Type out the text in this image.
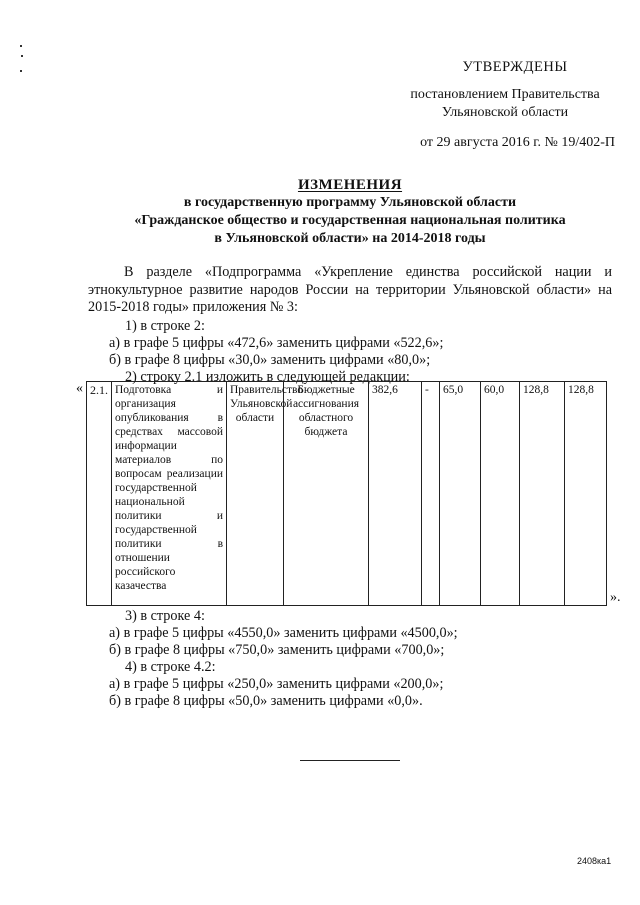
УТВЕРЖДЕНЫ
постановлением Правительства
Ульяновской области
от 29 августа 2016 г. № 19/402-П
ИЗМЕНЕНИЯ
в государственную программу Ульяновской области
«Гражданское общество и государственная национальная политика
в Ульяновской области» на 2014-2018 годы
В разделе «Подпрограмма «Укрепление единства российской нации и этнокультурное развитие народов России на территории Ульяновской области» на 2015-2018 годы» приложения № 3:
1) в строке 2:
а) в графе 5 цифры «472,6» заменить цифрами «522,6»;
б) в графе 8 цифры «30,0» заменить цифрами «80,0»;
2) строку 2.1 изложить в следующей редакции:
« 2.1.	Подготовка и организация опубликования в средствах массовой информации материалов по вопросам реализации государственной национальной политики и государственной политики в отношении российского казачества	Правительство Ульяновской области	Бюджетные ассигнования областного бюджета	382,6	-	65,0	60,0	128,8	128,8
».
3) в строке 4:
а) в графе 5 цифры «4550,0» заменить цифрами «4500,0»;
б) в графе 8 цифры «750,0» заменить цифрами «700,0»;
4) в строке 4.2:
а) в графе 5 цифры «250,0» заменить цифрами «200,0»;
б) в графе 8 цифры «50,0» заменить цифрами «0,0».
2408ка1
